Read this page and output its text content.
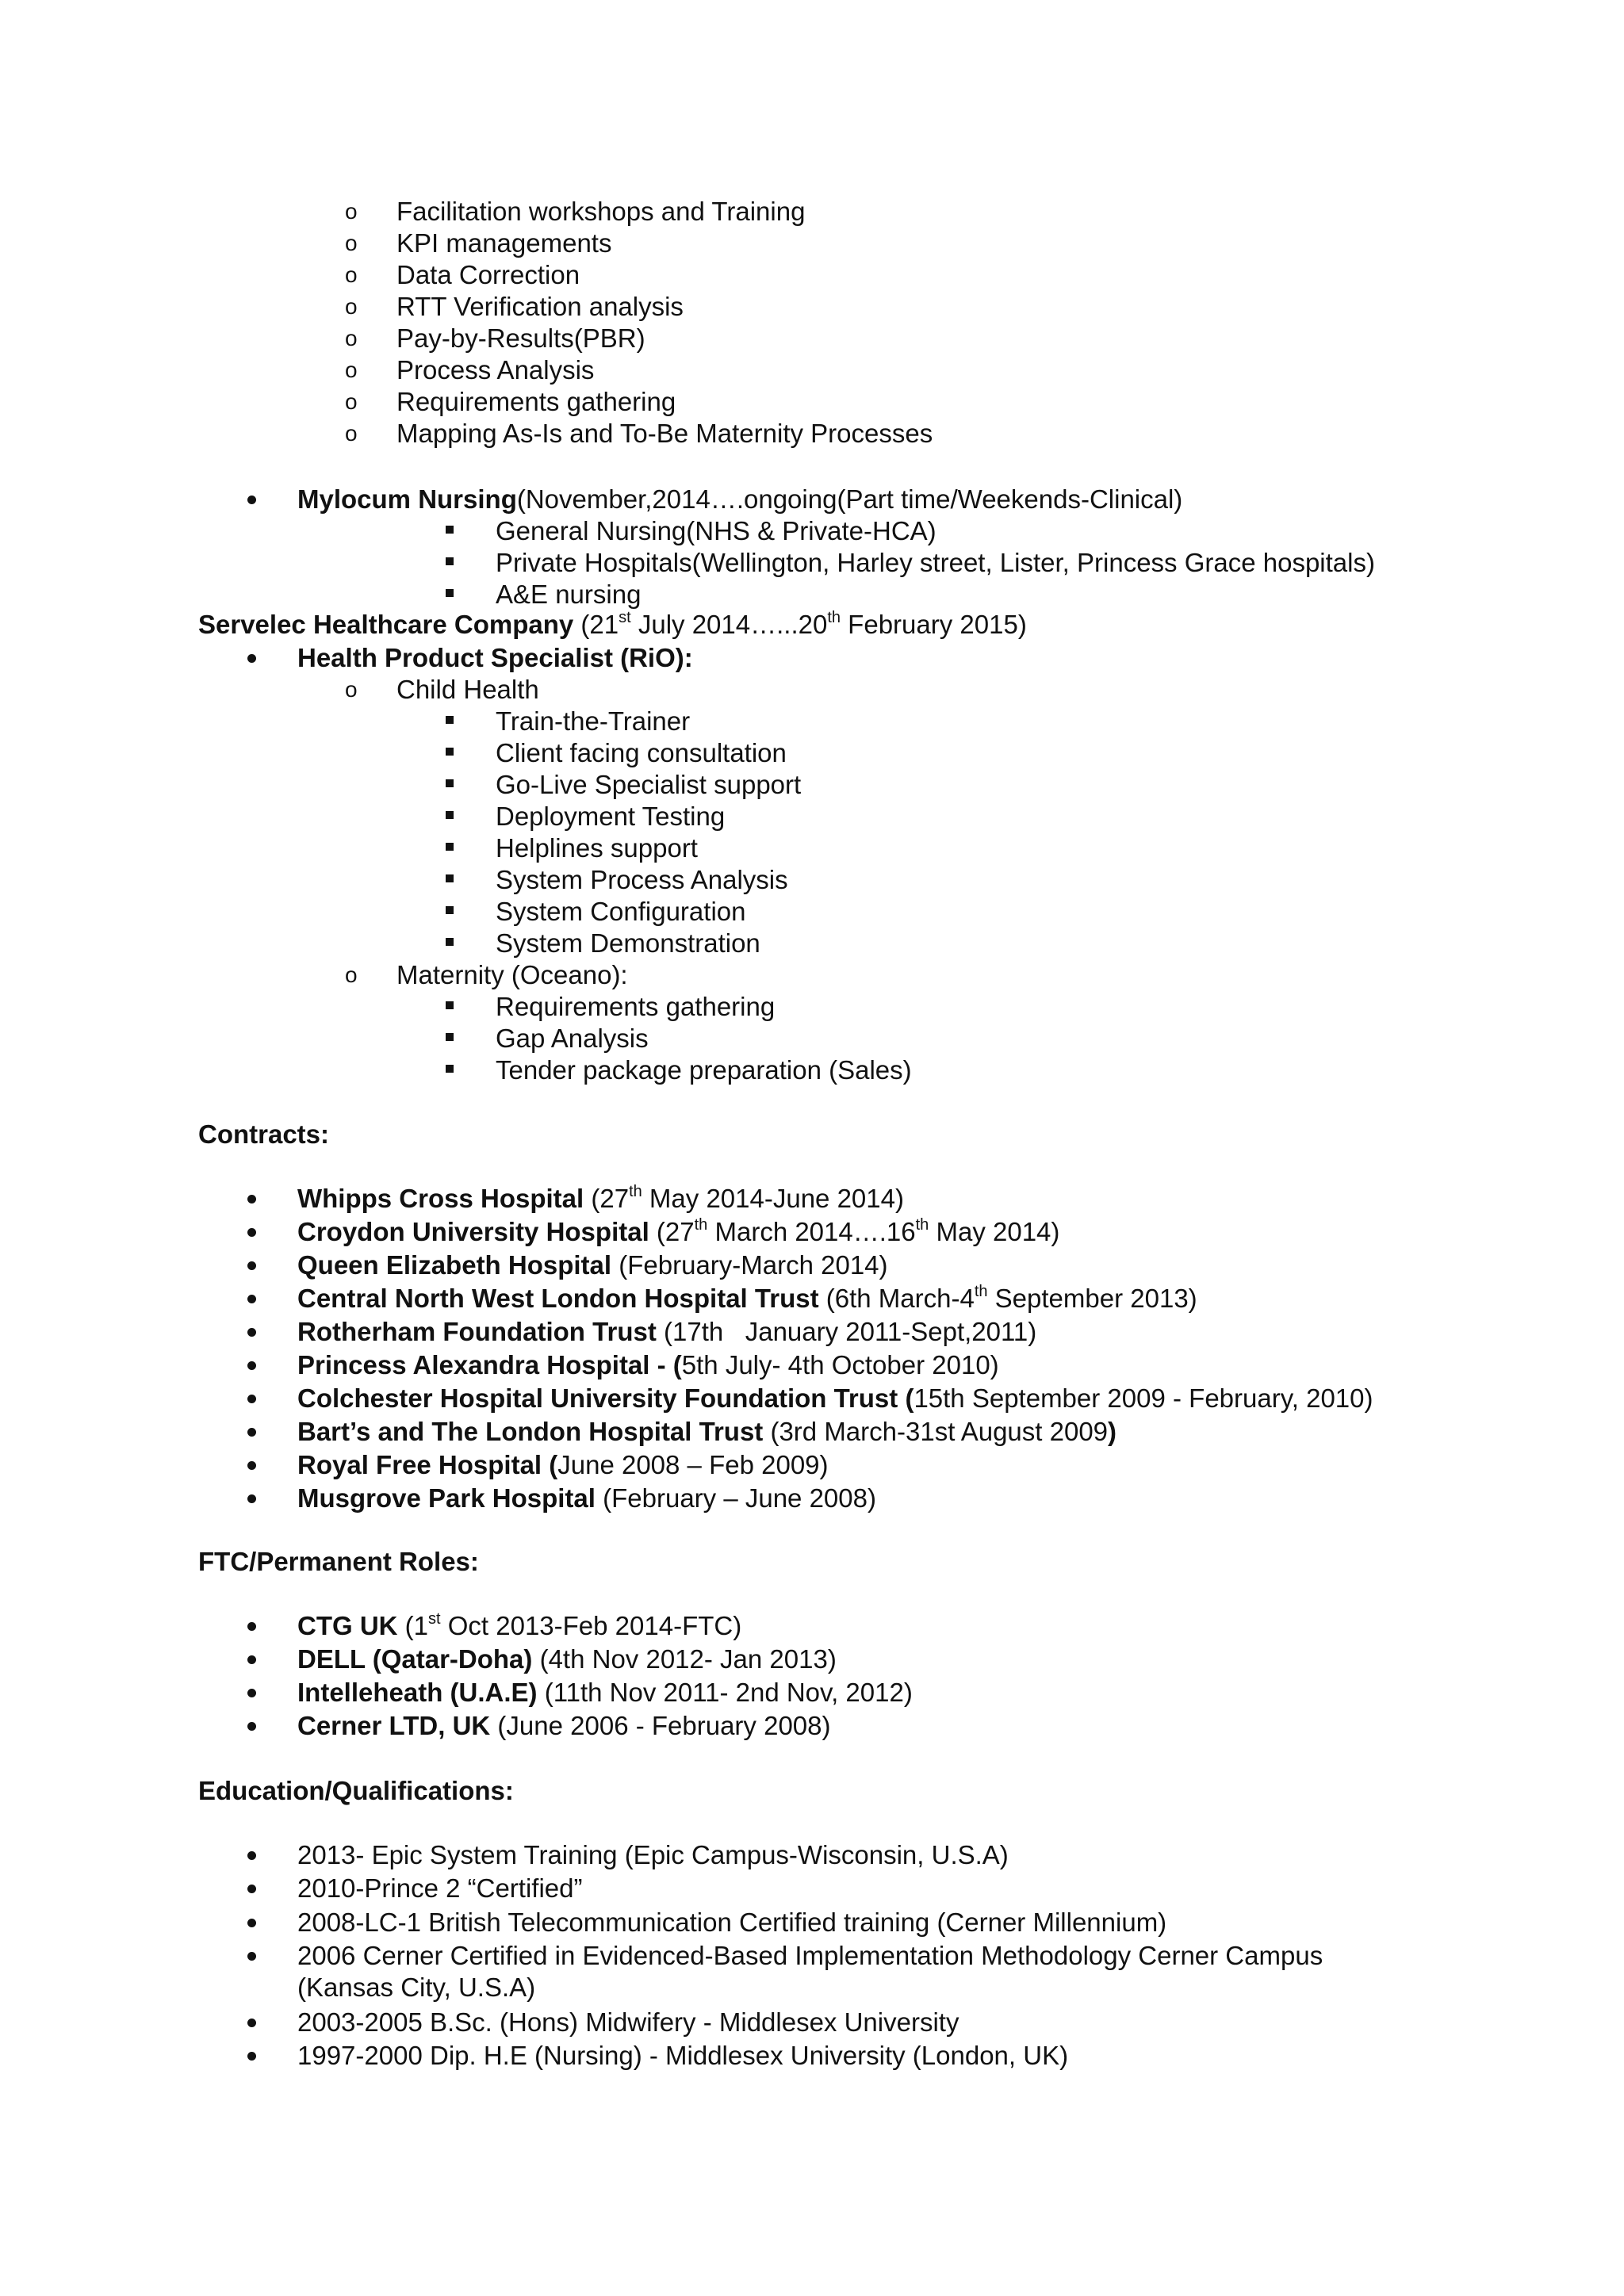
o Facilitation workshops and Training
o KPI managements
o Data Correction
o RTT Verification analysis
o Pay-by-Results(PBR)
o Process Analysis
o Requirements gathering
o Mapping As-Is and To-Be Maternity Processes
Mylocum Nursing(November,2014….ongoing(Part time/Weekends-Clinical)
General Nursing(NHS & Private-HCA)
Private Hospitals(Wellington, Harley street, Lister, Princess Grace hospitals)
A&E nursing
Servelec Healthcare Company (21st July 2014…...20th February 2015)
Health Product Specialist (RiO):
o Child Health
Train-the-Trainer
Client facing consultation
Go-Live Specialist support
Deployment Testing
Helplines support
System Process Analysis
System Configuration
System Demonstration
o Maternity (Oceano):
Requirements gathering
Gap Analysis
Tender package preparation (Sales)
Contracts:
Whipps Cross Hospital (27th May 2014-June 2014)
Croydon University Hospital (27th March 2014….16th May 2014)
Queen Elizabeth Hospital (February-March 2014)
Central North West London Hospital Trust (6th March-4th September 2013)
Rotherham Foundation Trust (17th   January 2011-Sept,2011)
Princess Alexandra Hospital - (5th July- 4th October 2010)
Colchester Hospital University Foundation Trust (15th September 2009 - February, 2010)
Bart’s and The London Hospital Trust (3rd March-31st August 2009)
Royal Free Hospital (June 2008 – Feb 2009)
Musgrove Park Hospital (February – June 2008)
FTC/Permanent Roles:
CTG UK (1st Oct 2013-Feb 2014-FTC)
DELL (Qatar-Doha) (4th Nov 2012- Jan 2013)
Intelleheath (U.A.E) (11th Nov 2011- 2nd Nov, 2012)
Cerner LTD, UK (June 2006 - February 2008)
Education/Qualifications:
2013- Epic System Training (Epic Campus-Wisconsin, U.S.A)
2010-Prince 2 “Certified”
2008-LC-1 British Telecommunication Certified training (Cerner Millennium)
2006 Cerner Certified in Evidenced-Based Implementation Methodology Cerner Campus
(Kansas City, U.S.A)
2003-2005 B.Sc. (Hons) Midwifery - Middlesex University
1997-2000 Dip. H.E (Nursing) - Middlesex University (London, UK)
